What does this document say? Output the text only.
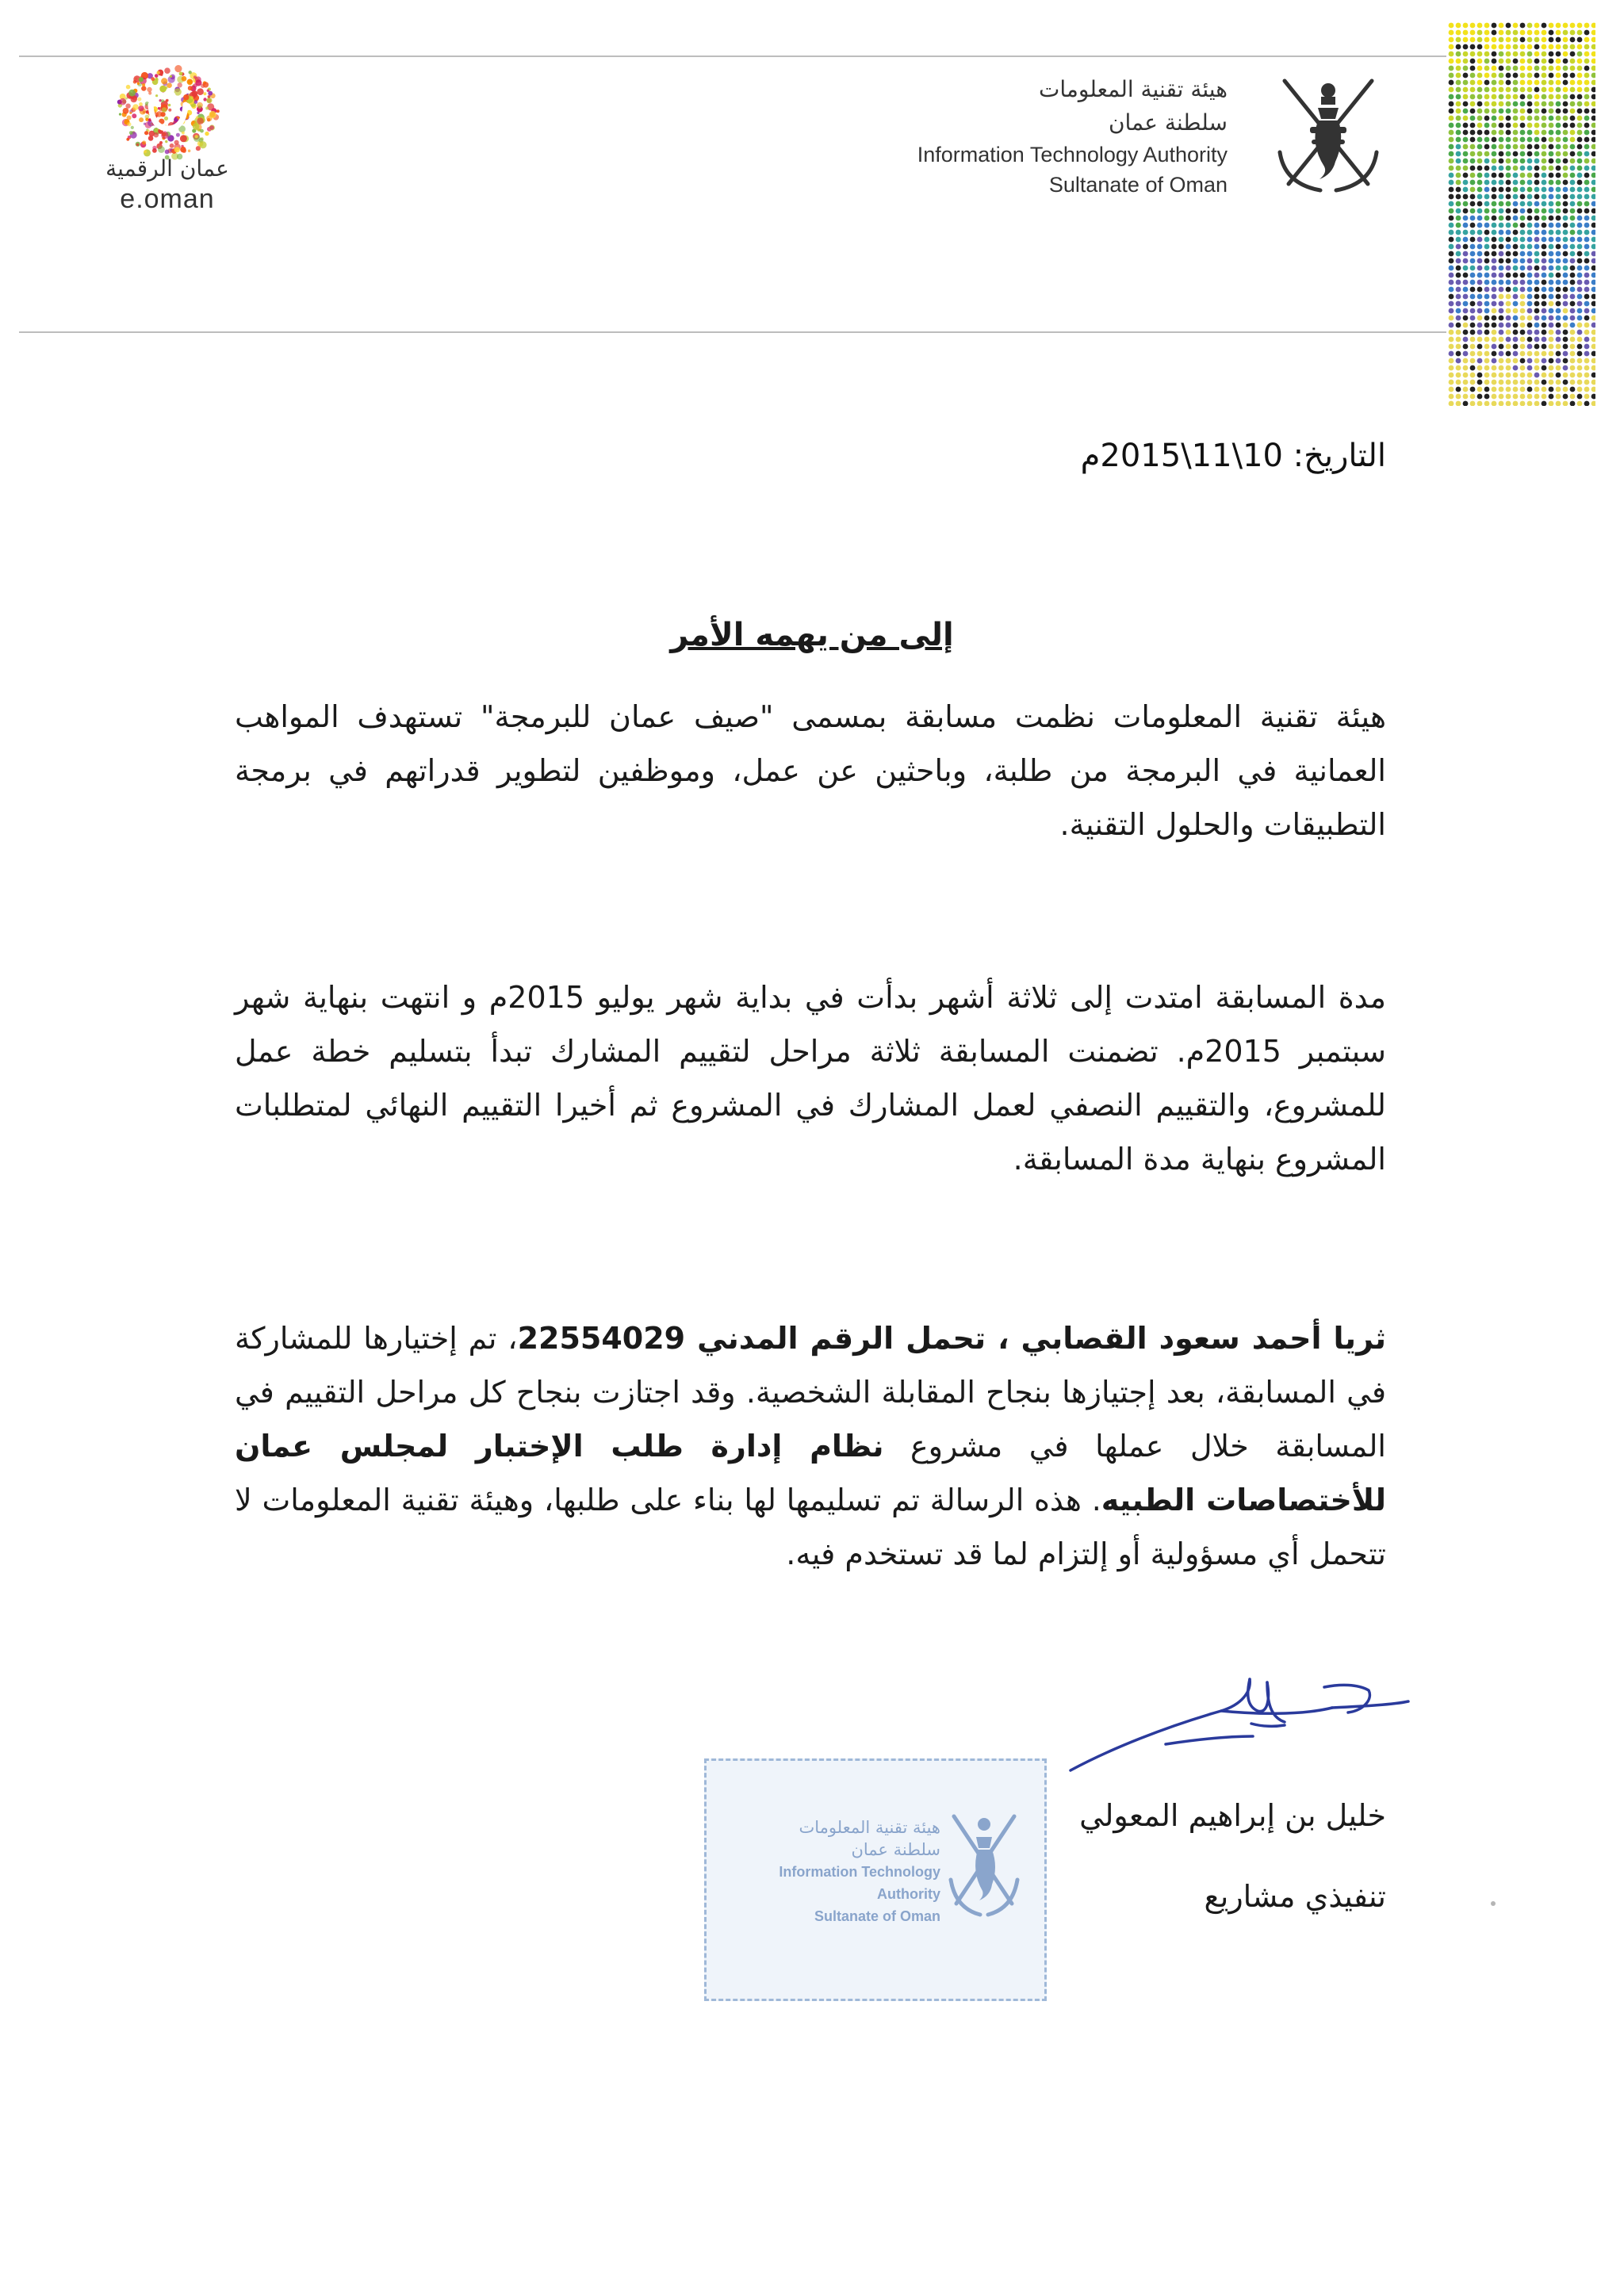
عمان الرقمية
e.oman
هيئة تقنية المعلومات
سلطنة عمان
Information Technology Authority
Sultanate of Oman
التاريخ: 10\11\2015م
إلى من يهمه الأمر
هيئة تقنية المعلومات نظمت مسابقة بمسمى "صيف عمان للبرمجة" تستهدف المواهب العمانية في البرمجة من طلبة، وباحثين عن عمل، وموظفين لتطوير قدراتهم في برمجة التطبيقات والحلول التقنية.
مدة المسابقة امتدت إلى ثلاثة أشهر بدأت في بداية شهر يوليو 2015م و انتهت بنهاية شهر سبتمبر 2015م. تضمنت المسابقة ثلاثة مراحل لتقييم المشارك تبدأ بتسليم خطة عمل للمشروع، والتقييم النصفي لعمل المشارك في المشروع ثم أخيرا التقييم النهائي لمتطلبات المشروع بنهاية مدة المسابقة.
ثريا أحمد سعود القصابي ، تحمل الرقم المدني 22554029، تم إختيارها للمشاركة في المسابقة، بعد إجتيازها بنجاح المقابلة الشخصية. وقد اجتازت بنجاح كل مراحل التقييم في المسابقة خلال عملها في مشروع نظام إدارة طلب الإختبار لمجلس عمان للأختصاصات الطبيه. هذه الرسالة تم تسليمها لها بناء على طلبها، وهيئة تقنية المعلومات لا تتحمل أي مسؤولية أو إلتزام لما قد تستخدم فيه.
هيئة تقنية المعلومات
سلطنة عمان
Information Technology Authority
Sultanate of Oman
خليل بن إبراهيم المعولي
تنفيذي مشاريع
